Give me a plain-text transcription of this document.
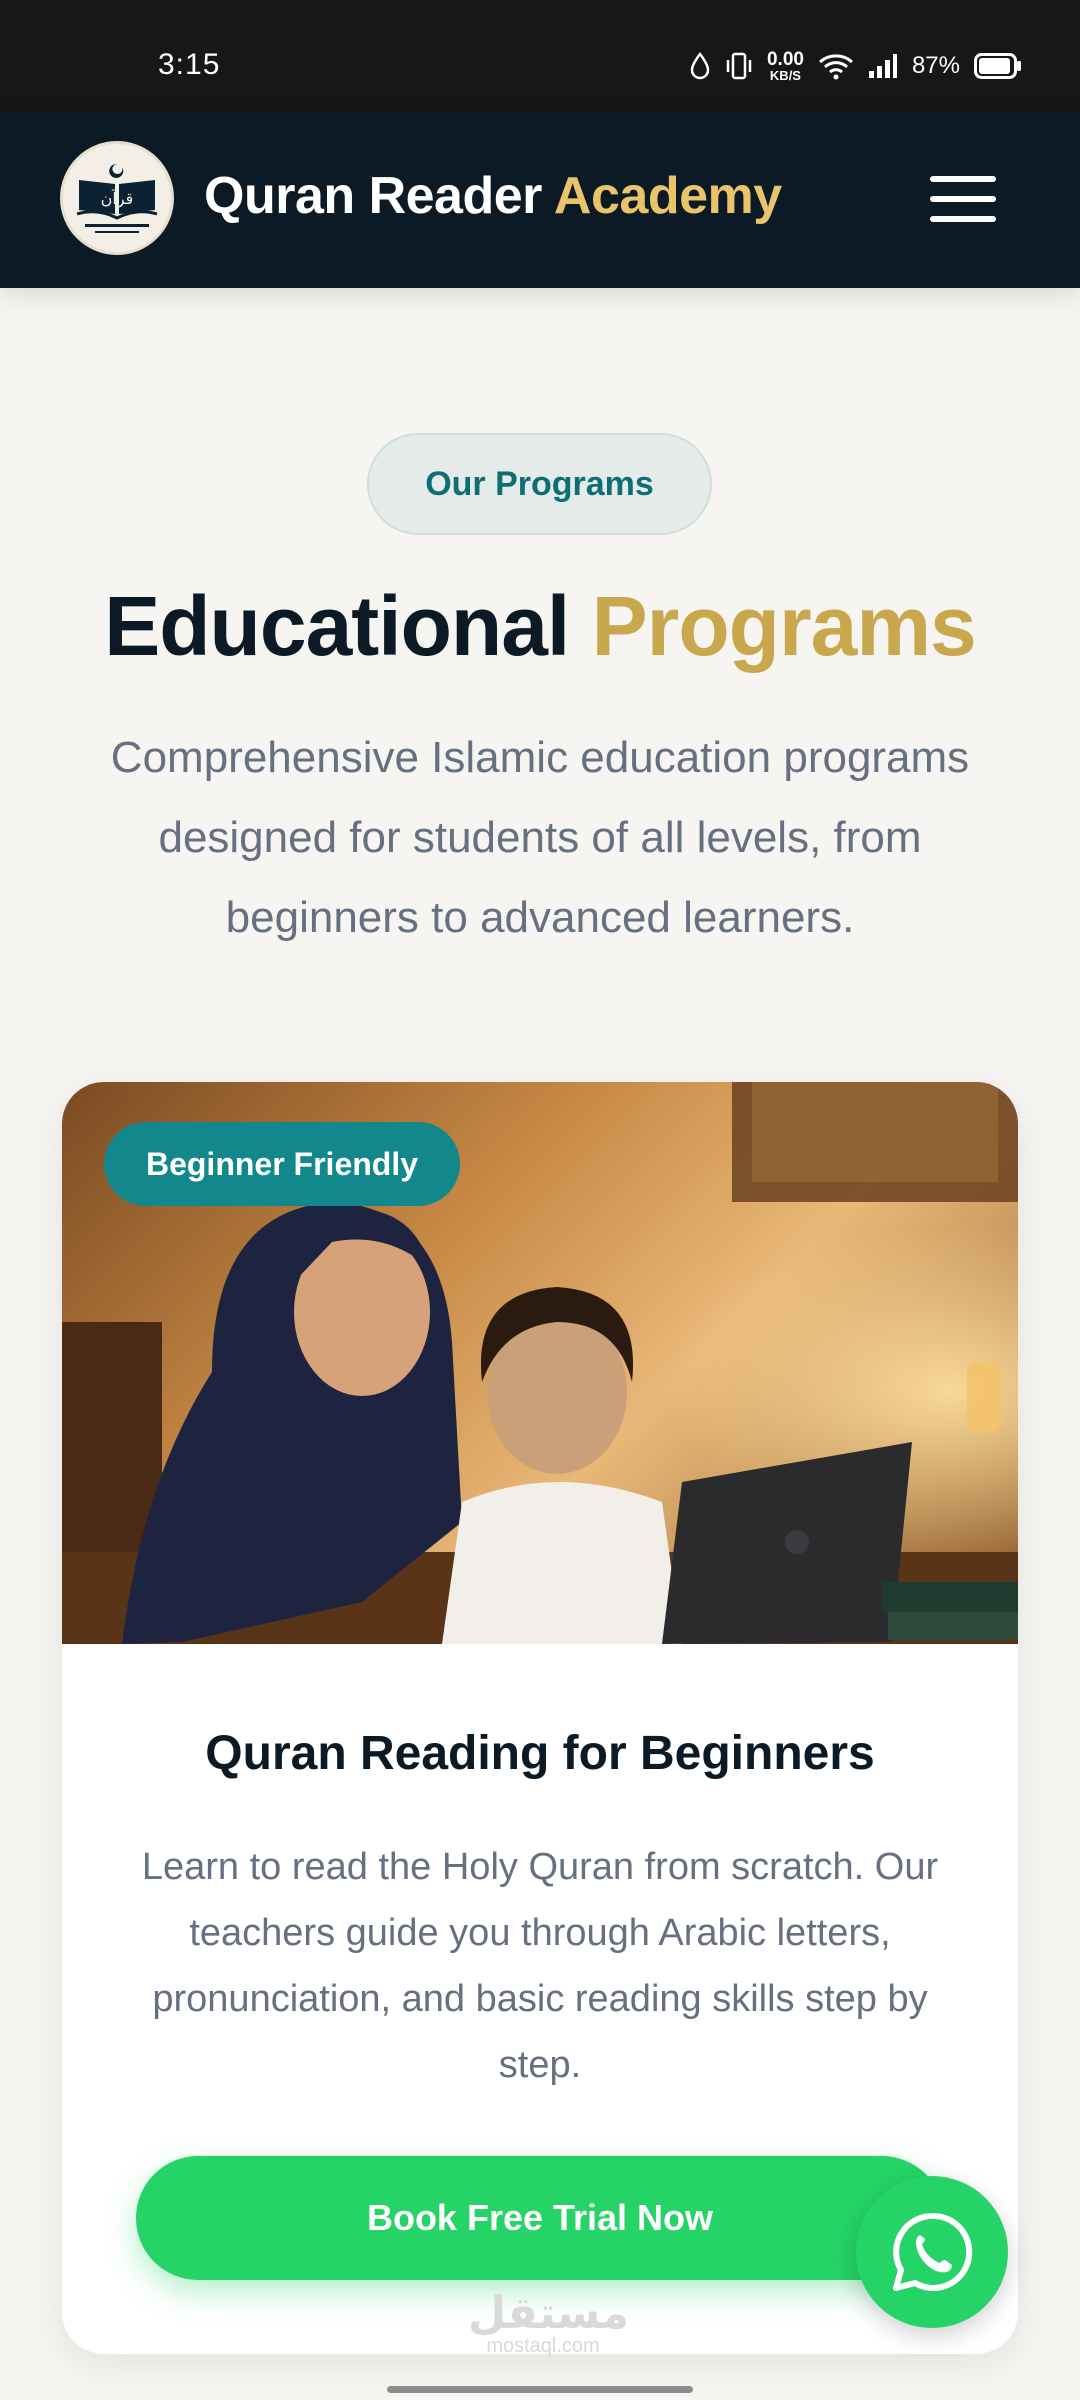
3:15	0.00
KB/S	87%
قرآن Quran Reader Academy
Our Programs
Educational Programs
Comprehensive Islamic education programs designed for students of all levels, from beginners to advanced learners.
Beginner Friendly
Quran Reading for Beginners
Learn to read the Holy Quran from scratch. Our teachers guide you through Arabic letters, pronunciation, and basic reading skills step by step.
Book Free Trial Now
مستقل
mostaql.com
